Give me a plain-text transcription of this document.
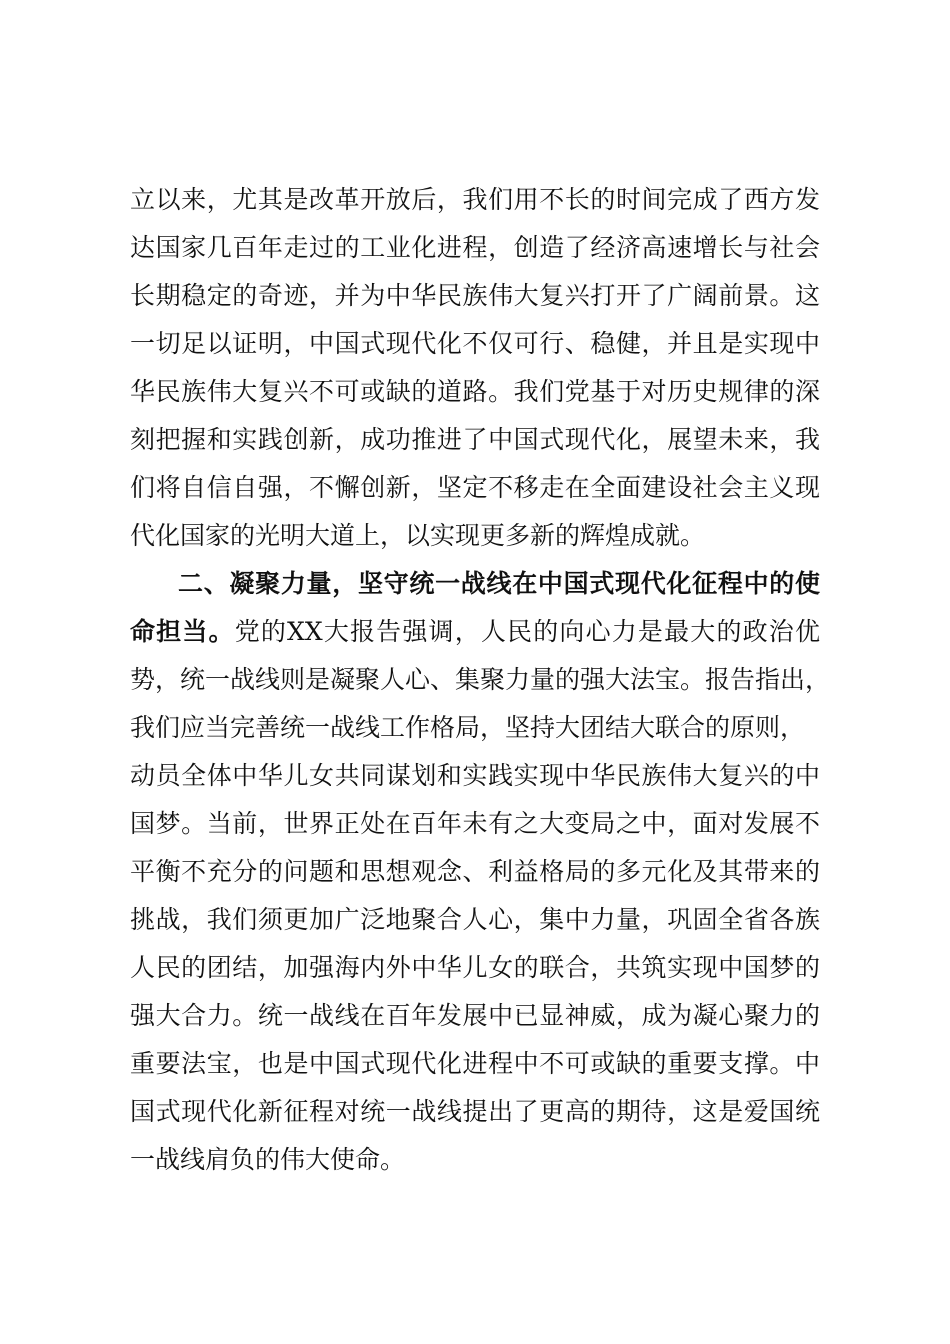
立以来，尤其是改革开放后，我们用不长的时间完成了西方发
达国家几百年走过的工业化进程，创造了经济高速增长与社会
长期稳定的奇迹，并为中华民族伟大复兴打开了广阔前景。这
一切足以证明，中国式现代化不仅可行、稳健，并且是实现中
华民族伟大复兴不可或缺的道路。我们党基于对历史规律的深
刻把握和实践创新，成功推进了中国式现代化，展望未来，我
们将自信自强，不懈创新，坚定不移走在全面建设社会主义现
代化国家的光明大道上，以实现更多新的辉煌成就。
二、凝聚力量，坚守统一战线在中国式现代化征程中的使
命担当。党的XX大报告强调，人民的向心力是最大的政治优
势，统一战线则是凝聚人心、集聚力量的强大法宝。报告指出，
我们应当完善统一战线工作格局，坚持大团结大联合的原则，
动员全体中华儿女共同谋划和实践实现中华民族伟大复兴的中
国梦。当前，世界正处在百年未有之大变局之中，面对发展不
平衡不充分的问题和思想观念、利益格局的多元化及其带来的
挑战，我们须更加广泛地聚合人心，集中力量，巩固全省各族
人民的团结，加强海内外中华儿女的联合，共筑实现中国梦的
强大合力。统一战线在百年发展中已显神威，成为凝心聚力的
重要法宝，也是中国式现代化进程中不可或缺的重要支撑。中
国式现代化新征程对统一战线提出了更高的期待，这是爱国统
一战线肩负的伟大使命。
